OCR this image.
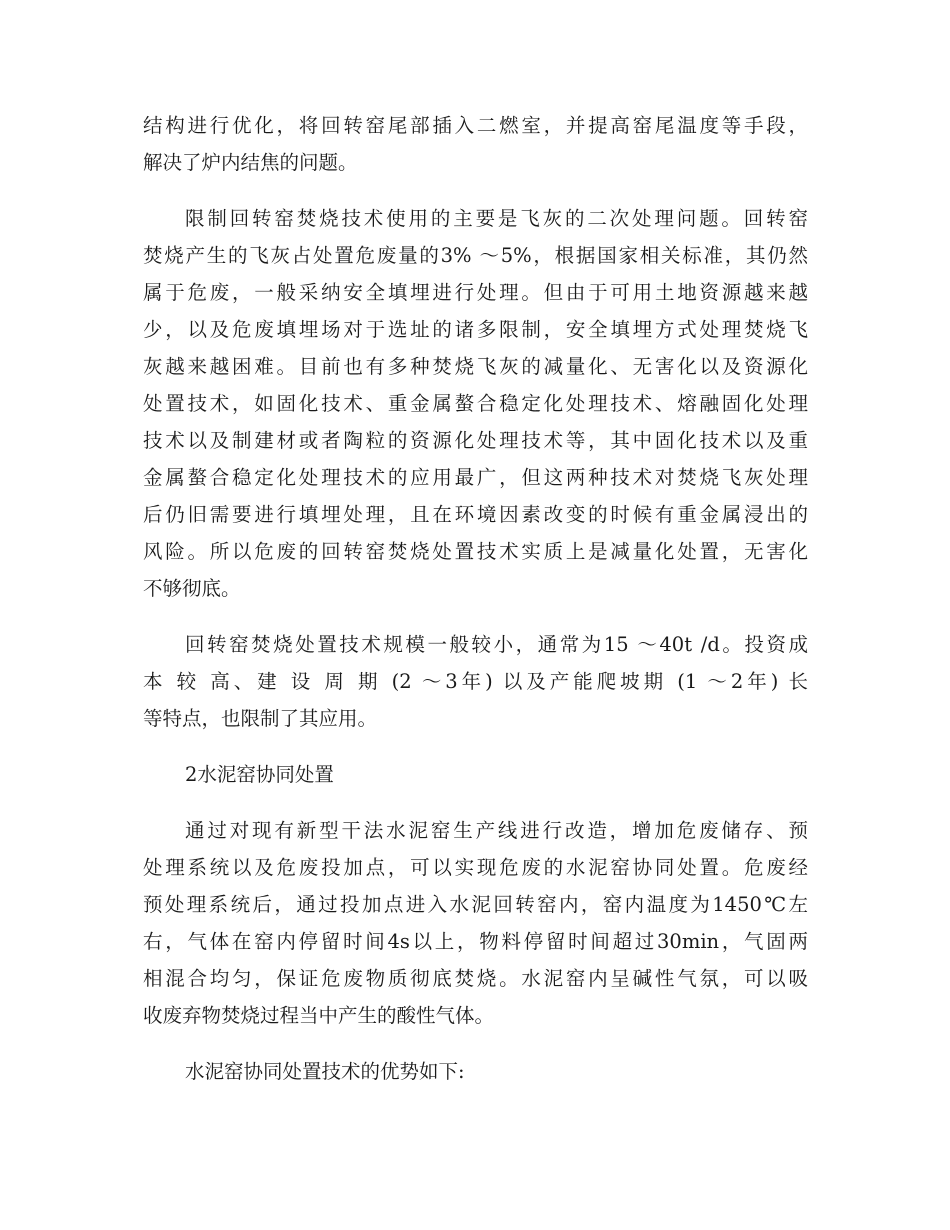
结构进行优化，将回转窑尾部插入二燃室，并提高窑尾温度等手段，
解决了炉内结焦的问题。
限制回转窑焚烧技术使用的主要是飞灰的二次处理问题。回转窑
焚烧产生的飞灰占处置危废量的3% ～5%，根据国家相关标准，其仍然
属于危废，一般采纳安全填埋进行处理。但由于可用土地资源越来越
少，以及危废填埋场对于选址的诸多限制，安全填埋方式处理焚烧飞
灰越来越困难。目前也有多种焚烧飞灰的减量化、无害化以及资源化
处置技术，如固化技术、重金属螯合稳定化处理技术、熔融固化处理
技术以及制建材或者陶粒的资源化处理技术等，其中固化技术以及重
金属螯合稳定化处理技术的应用最广，但这两种技术对焚烧飞灰处理
后仍旧需要进行填埋处理，且在环境因素改变的时候有重金属浸出的
风险。所以危废的回转窑焚烧处置技术实质上是减量化处置，无害化
不够彻底。
回转窑焚烧处置技术规模一般较小，通常为15 ～40t /d。投资成
本 较 高、建 设 周 期 (2 ～3年) 以及产能爬坡期 (1 ～2年) 长
等特点，也限制了其应用。
2水泥窑协同处置
通过对现有新型干法水泥窑生产线进行改造，增加危废储存、预
处理系统以及危废投加点，可以实现危废的水泥窑协同处置。危废经
预处理系统后，通过投加点进入水泥回转窑内，窑内温度为1450℃左
右，气体在窑内停留时间4s以上，物料停留时间超过30min，气固两
相混合均匀，保证危废物质彻底焚烧。水泥窑内呈碱性气氛，可以吸
收废弃物焚烧过程当中产生的酸性气体。
水泥窑协同处置技术的优势如下:
